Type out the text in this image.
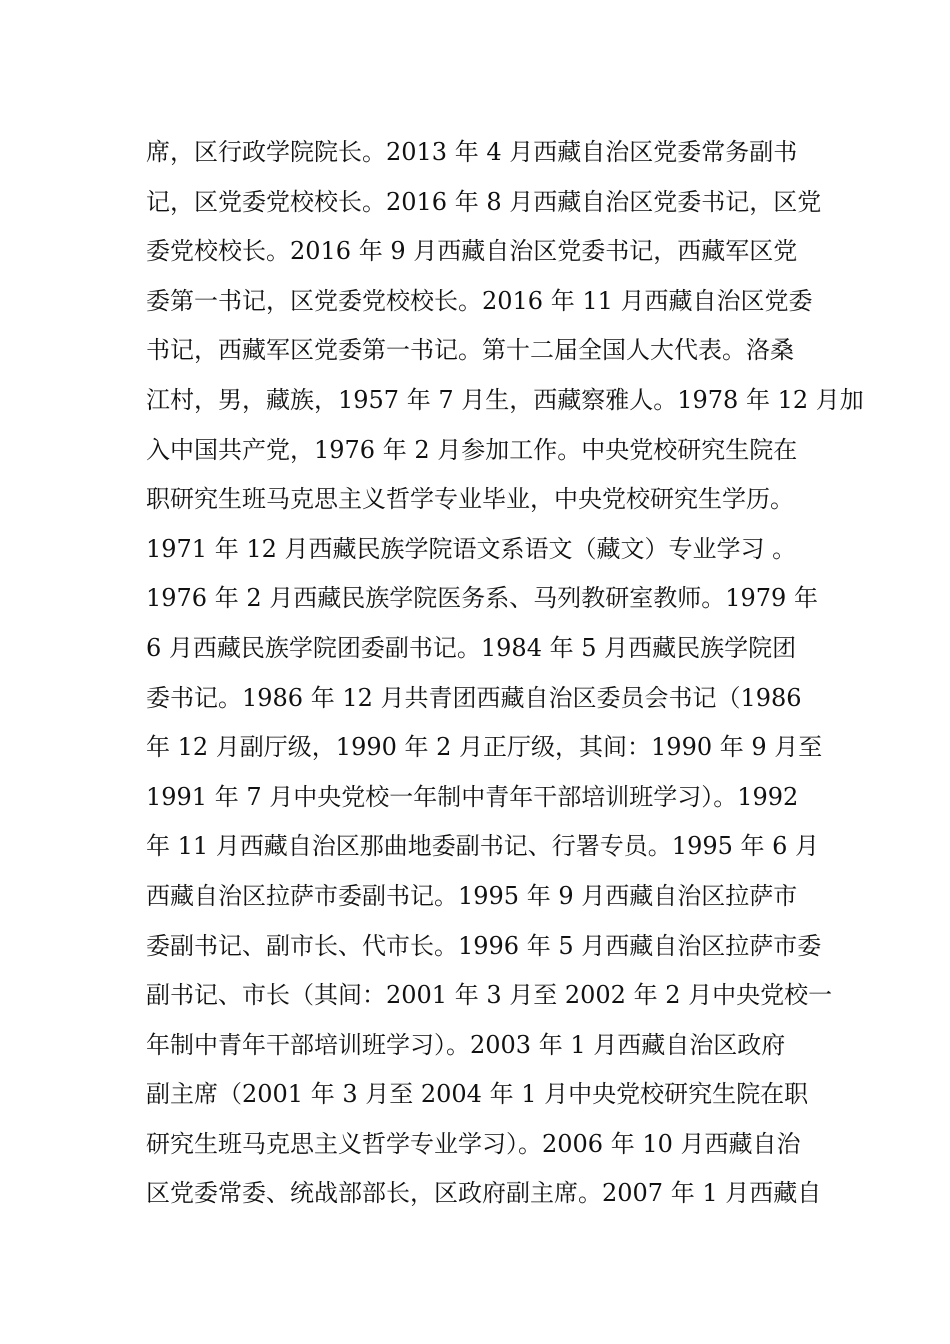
席，区行政学院院长。2013 年 4 月西藏自治区党委常务副书
记，区党委党校校长。2016 年 8 月西藏自治区党委书记，区党
委党校校长。2016 年 9 月西藏自治区党委书记，西藏军区党
委第一书记，区党委党校校长。2016 年 11 月西藏自治区党委
书记，西藏军区党委第一书记。第十二届全国人大代表。洛桑
江村，男，藏族，1957 年 7 月生，西藏察雅人。1978 年 12 月加
入中国共产党，1976 年 2 月参加工作。中央党校研究生院在
职研究生班马克思主义哲学专业毕业，中央党校研究生学历。
1971 年 12 月西藏民族学院语文系语文（藏文）专业学习 。
1976 年 2 月西藏民族学院医务系、马列教研室教师。1979 年
6 月西藏民族学院团委副书记。1984 年 5 月西藏民族学院团
委书记。1986 年 12 月共青团西藏自治区委员会书记（1986
年 12 月副厅级，1990 年 2 月正厅级，其间：1990 年 9 月至
1991 年 7 月中央党校一年制中青年干部培训班学习）。1992
年 11 月西藏自治区那曲地委副书记、行署专员。1995 年 6 月
西藏自治区拉萨市委副书记。1995 年 9 月西藏自治区拉萨市
委副书记、副市长、代市长。1996 年 5 月西藏自治区拉萨市委
副书记、市长（其间：2001 年 3 月至 2002 年 2 月中央党校一
年制中青年干部培训班学习）。2003 年 1 月西藏自治区政府
副主席（2001 年 3 月至 2004 年 1 月中央党校研究生院在职
研究生班马克思主义哲学专业学习）。2006 年 10 月西藏自治
区党委常委、统战部部长，区政府副主席。2007 年 1 月西藏自
